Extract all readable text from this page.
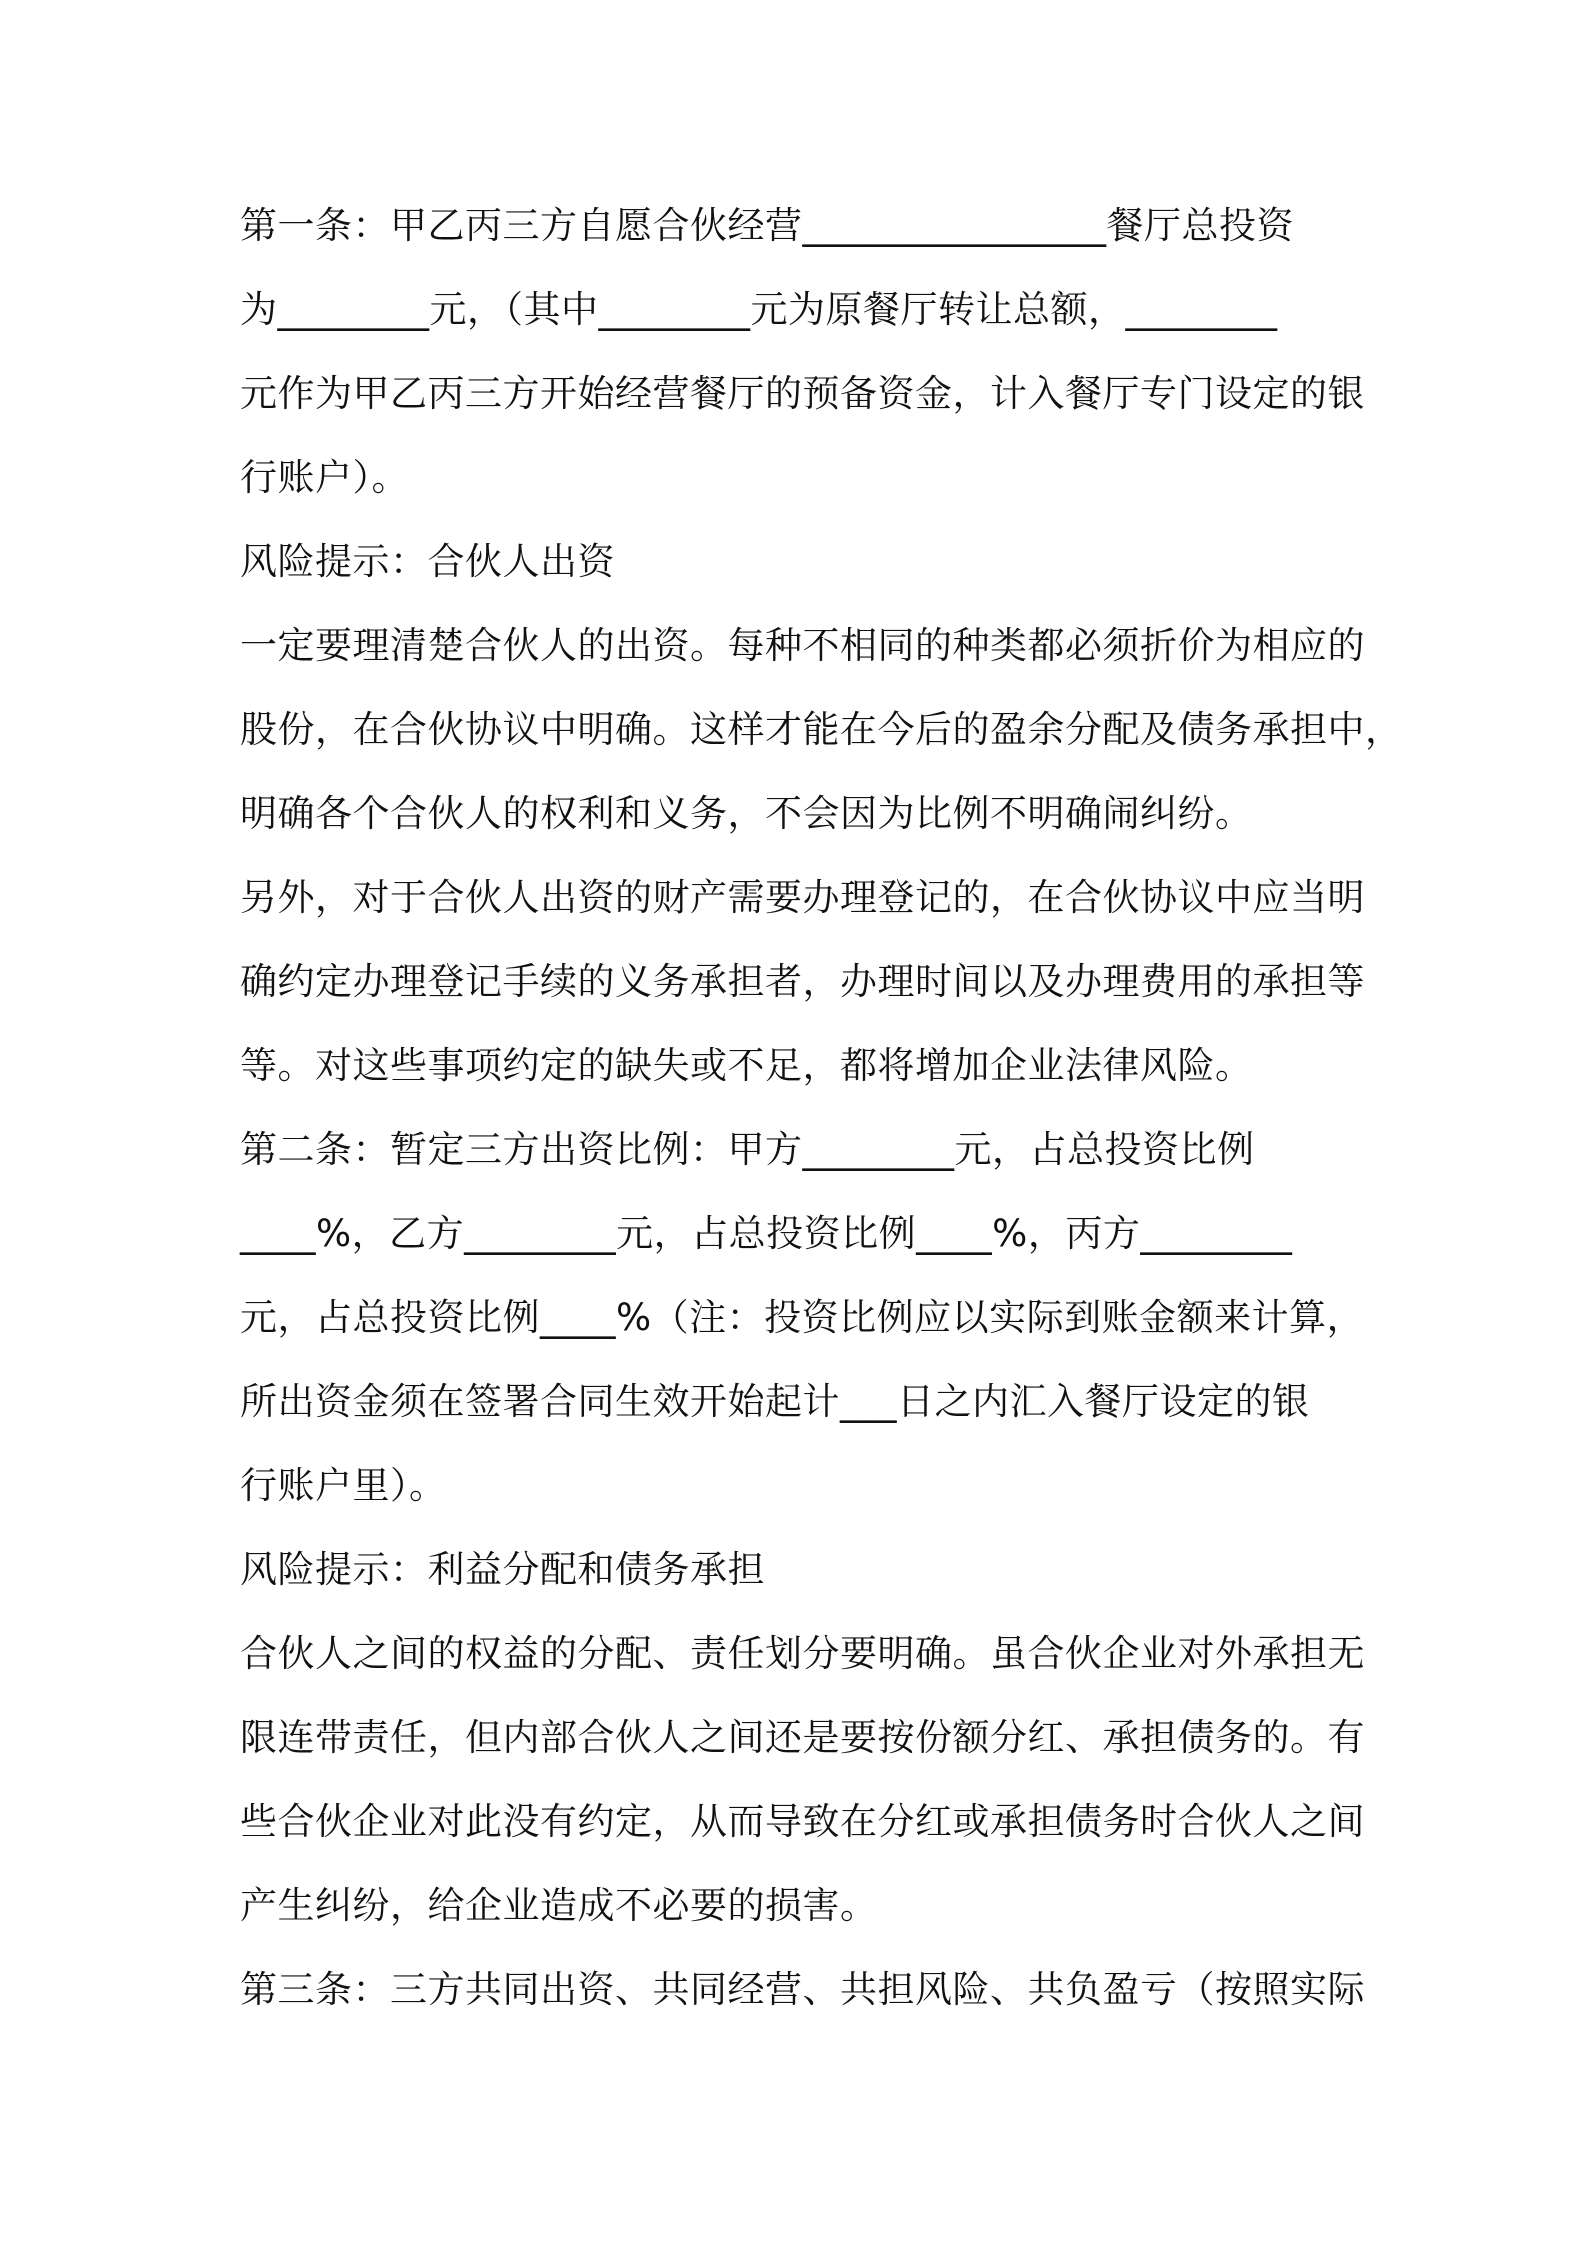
第一条：甲乙丙三方自愿合伙经营________________餐厅总投资
为________元，（其中________元为原餐厅转让总额，________
元作为甲乙丙三方开始经营餐厅的预备资金，计入餐厅专门设定的银
行账户）。
风险提示：合伙人出资
一定要理清楚合伙人的出资。每种不相同的种类都必须折价为相应的
股份，在合伙协议中明确。这样才能在今后的盈余分配及债务承担中，
明确各个合伙人的权利和义务，不会因为比例不明确闹纠纷。
另外，对于合伙人出资的财产需要办理登记的，在合伙协议中应当明
确约定办理登记手续的义务承担者，办理时间以及办理费用的承担等
等。对这些事项约定的缺失或不足，都将增加企业法律风险。
第二条：暂定三方出资比例：甲方________元，占总投资比例
____%，乙方________元，占总投资比例____%，丙方________
元，占总投资比例____%（注：投资比例应以实际到账金额来计算，
所出资金须在签署合同生效开始起计___日之内汇入餐厅设定的银
行账户里）。
风险提示：利益分配和债务承担
合伙人之间的权益的分配、责任划分要明确。虽合伙企业对外承担无
限连带责任，但内部合伙人之间还是要按份额分红、承担债务的。有
些合伙企业对此没有约定，从而导致在分红或承担债务时合伙人之间
产生纠纷，给企业造成不必要的损害。
第三条：三方共同出资、共同经营、共担风险、共负盈亏（按照实际
